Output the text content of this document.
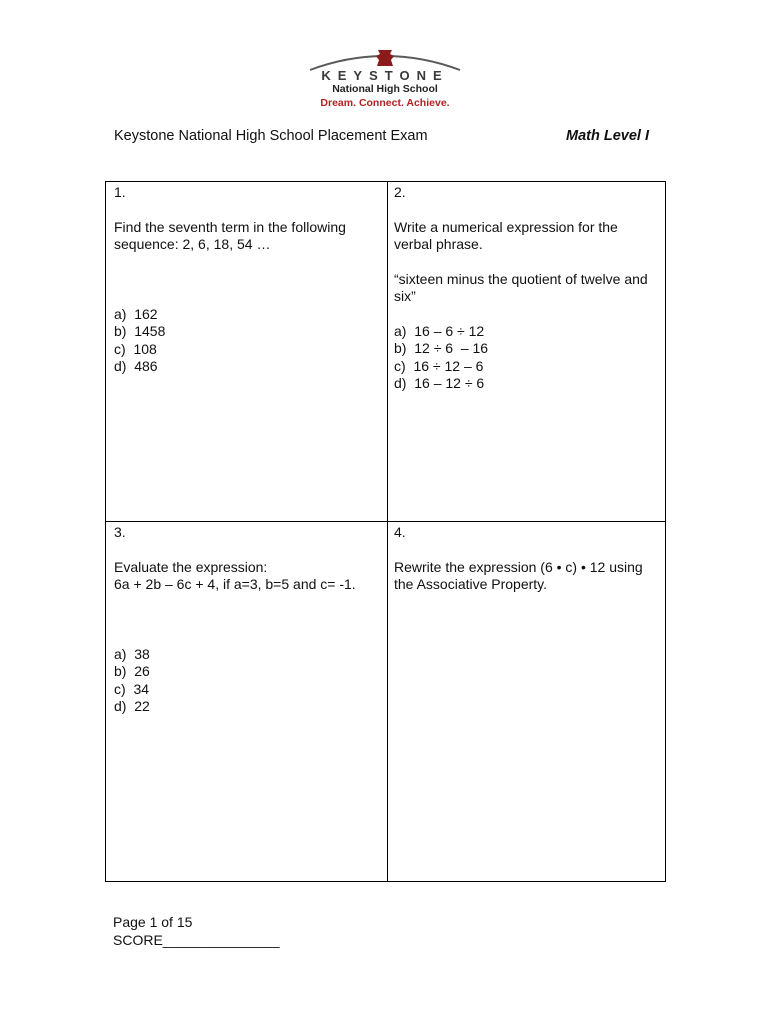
KEYSTONE
National High School
Dream. Connect. Achieve.
Keystone National High School Placement Exam	Math Level I

1.

Find the seventh term in the following sequence: 2, 6, 18, 54 …

a)  162
b)  1458
c)  108
d)  486

2.

Write a numerical expression for the verbal phrase.

“sixteen minus the quotient of twelve and six”

a)  16 – 6 ÷ 12
b)  12 ÷ 6  – 16
c)  16 ÷ 12 – 6
d)  16 – 12 ÷ 6

3.

Evaluate the expression:

6a + 2b – 6c + 4, if a=3, b=5 and c= -1.

a)  38
b)  26
c)  34
d)  22

4.

Rewrite the expression (6 • c) • 12 using the Associative Property.

Page 1 of 15
SCORE_______________
